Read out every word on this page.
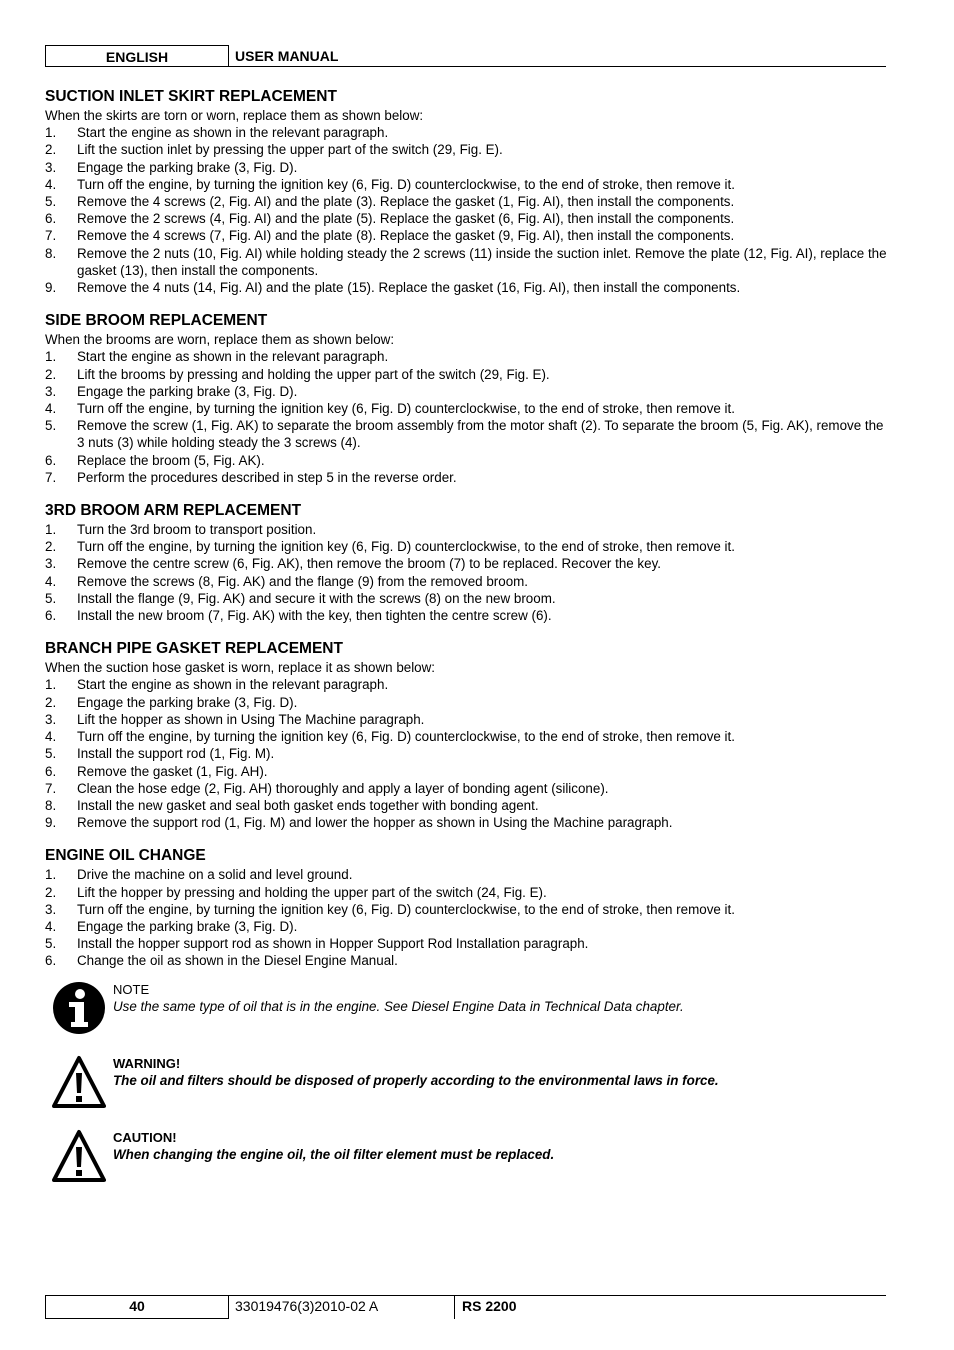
ENGLISH	USER MANUAL
SUCTION INLET SKIRT REPLACEMENT

When the skirts are torn or worn, replace them as shown below:

1. Start the engine as shown in the relevant paragraph.
2. Lift the suction inlet by pressing the upper part of the switch (29, Fig. E).
3. Engage the parking brake (3, Fig. D).
4. Turn off the engine, by turning the ignition key (6, Fig. D) counterclockwise, to the end of stroke, then remove it.
5. Remove the 4 screws (2, Fig. AI) and the plate (3). Replace the gasket (1, Fig. AI), then install the components.
6. Remove the 2 screws (4, Fig. AI) and the plate (5). Replace the gasket (6, Fig. AI), then install the components.
7. Remove the 4 screws (7, Fig. AI) and the plate (8). Replace the gasket (9, Fig. AI), then install the components.
8. Remove the 2 nuts (10, Fig. AI) while holding steady the 2 screws (11) inside the suction inlet. Remove the plate (12, Fig. AI), replace the gasket (13), then install the components.
9. Remove the 4 nuts (14, Fig. AI) and the plate (15). Replace the gasket (16, Fig. AI), then install the components.
SIDE BROOM REPLACEMENT

When the brooms are worn, replace them as shown below:

1. Start the engine as shown in the relevant paragraph.
2. Lift the brooms by pressing and holding the upper part of the switch (29, Fig. E).
3. Engage the parking brake (3, Fig. D).
4. Turn off the engine, by turning the ignition key (6, Fig. D) counterclockwise, to the end of stroke, then remove it.
5. Remove the screw (1, Fig. AK) to separate the broom assembly from the motor shaft (2). To separate the broom (5, Fig. AK), remove the 3 nuts (3) while holding steady the 3 screws (4).
6. Replace the broom (5, Fig. AK).
7. Perform the procedures described in step 5 in the reverse order.
3RD BROOM ARM REPLACEMENT
1. Turn the 3rd broom to transport position.
2. Turn off the engine, by turning the ignition key (6, Fig. D) counterclockwise, to the end of stroke, then remove it.
3. Remove the centre screw (6, Fig. AK), then remove the broom (7) to be replaced. Recover the key.
4. Remove the screws (8, Fig. AK) and the flange (9) from the removed broom.
5. Install the flange (9, Fig. AK) and secure it with the screws (8) on the new broom.
6. Install the new broom (7, Fig. AK) with the key, then tighten the centre screw (6).
BRANCH PIPE GASKET REPLACEMENT

When the suction hose gasket is worn, replace it as shown below:

1. Start the engine as shown in the relevant paragraph.
2. Engage the parking brake (3, Fig. D).
3. Lift the hopper as shown in Using The Machine paragraph.
4. Turn off the engine, by turning the ignition key (6, Fig. D) counterclockwise, to the end of stroke, then remove it.
5. Install the support rod (1, Fig. M).
6. Remove the gasket (1, Fig. AH).
7. Clean the hose edge (2, Fig. AH) thoroughly and apply a layer of bonding agent (silicone).
8. Install the new gasket and seal both gasket ends together with bonding agent.
9. Remove the support rod (1, Fig. M) and lower the hopper as shown in Using the Machine paragraph.
ENGINE OIL CHANGE
1. Drive the machine on a solid and level ground.
2. Lift the hopper by pressing and holding the upper part of the switch (24, Fig. E).
3. Turn off the engine, by turning the ignition key (6, Fig. D) counterclockwise, to the end of stroke, then remove it.
4. Engage the parking brake (3, Fig. D).
5. Install the hopper support rod as shown in Hopper Support Rod Installation paragraph.
6. Change the oil as shown in the Diesel Engine Manual.
NOTE
Use the same type of oil that is in the engine. See Diesel Engine Data in Technical Data chapter.
WARNING!
The oil and filters should be disposed of properly according to the environmental laws in force.
CAUTION!
When changing the engine oil, the oil filter element must be replaced.
40	33019476(3)2010-02 A	RS 2200
